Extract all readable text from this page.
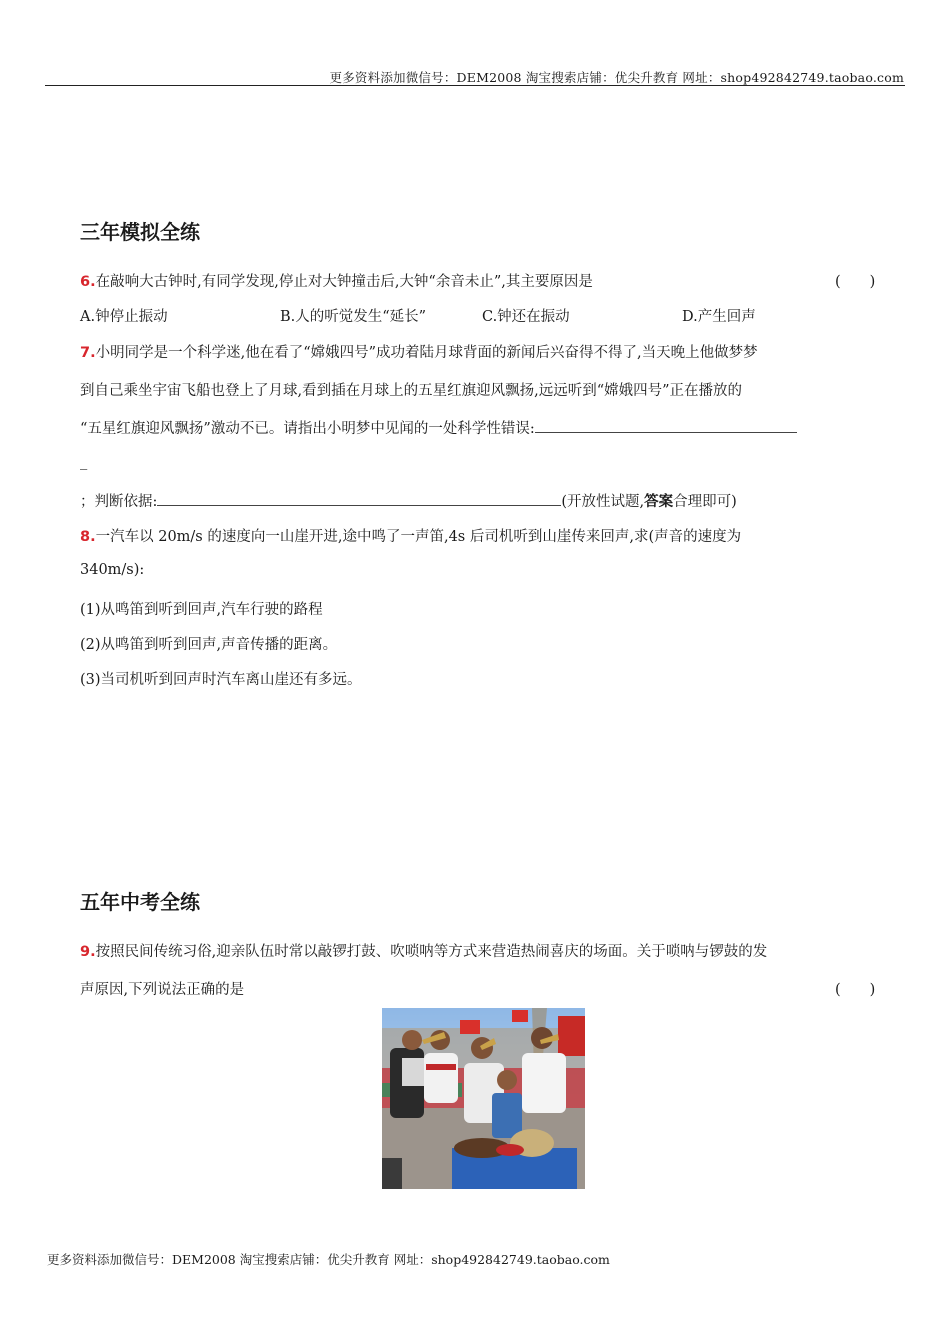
更多资料添加微信号：DEM2008 淘宝搜索店铺：优尖升教育 网址：shop492842749.taobao.com
三年模拟全练
6.在敲响大古钟时,有同学发现,停止对大钟撞击后,大钟“余音未止”,其主要原因是	(　　)
A.钟停止振动	B.人的听觉发生“延长”	C.钟还在振动	D.产生回声
7.小明同学是一个科学迷,他在看了“嫦娥四号”成功着陆月球背面的新闻后兴奋得不得了,当天晚上他做梦梦
到自己乘坐宇宙飞船也登上了月球,看到插在月球上的五星红旗迎风飘扬,远远听到“嫦娥四号”正在播放的
“五星红旗迎风飘扬”激动不已。请指出小明梦中见闻的一处科学性错误:
_
；判断依据:	(开放性试题,答案合理即可)
8.一汽车以 20m/s 的速度向一山崖开进,途中鸣了一声笛,4s 后司机听到山崖传来回声,求(声音的速度为
340m/s):
(1)从鸣笛到听到回声,汽车行驶的路程
(2)从鸣笛到听到回声,声音传播的距离。
(3)当司机听到回声时汽车离山崖还有多远。
五年中考全练
9.按照民间传统习俗,迎亲队伍时常以敲锣打鼓、吹唢呐等方式来营造热闹喜庆的场面。关于唢呐与锣鼓的发
声原因,下列说法正确的是	(　　)
更多资料添加微信号：DEM2008 淘宝搜索店铺：优尖升教育 网址：shop492842749.taobao.com
